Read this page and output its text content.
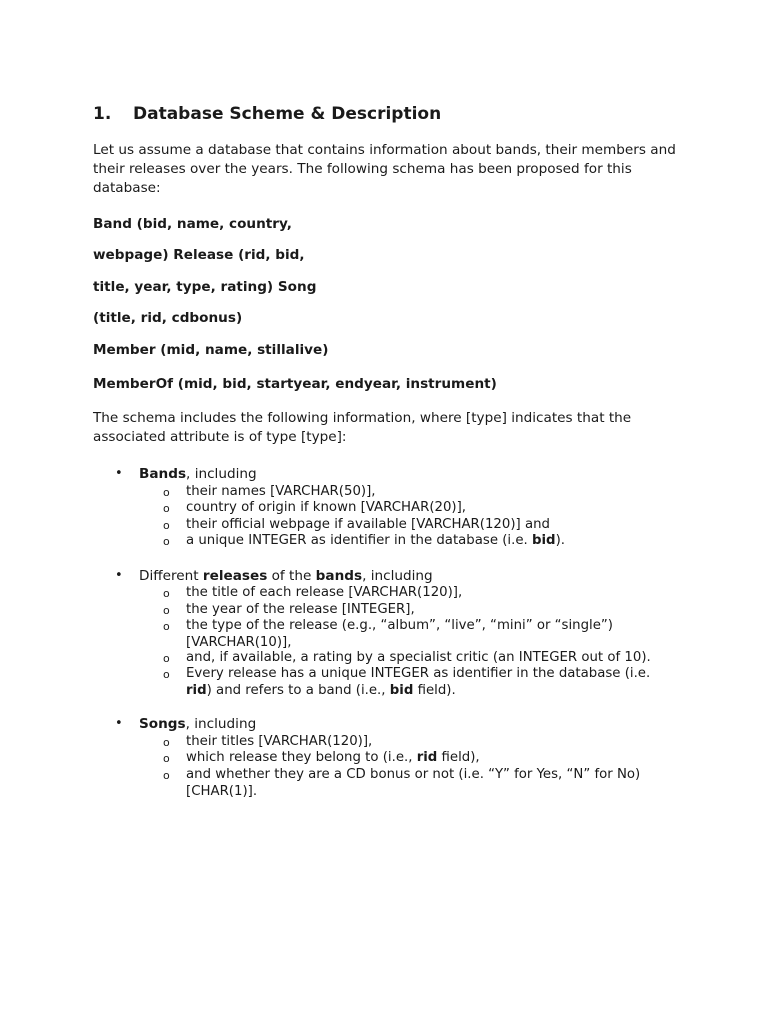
1. Database Scheme & Description

Let us assume a database that contains information about bands, their members and
their releases over the years. The following schema has been proposed for this
database:

Band (bid, name, country,
webpage) Release (rid, bid,
title, year, type, rating) Song
(title, rid, cdbonus)
Member (mid, name, stillalive)
MemberOf (mid, bid, startyear, endyear, instrument)

The schema includes the following information, where [type] indicates that the
associated attribute is of type [type]:

• Bands, including
o their names [VARCHAR(50)],
o country of origin if known [VARCHAR(20)],
o their official webpage if available [VARCHAR(120)] and
o a unique INTEGER as identifier in the database (i.e. bid).
• Different releases of the bands, including
o the title of each release [VARCHAR(120)],
o the year of the release [INTEGER],
o the type of the release (e.g., “album”, “live”, “mini” or “single”)
[VARCHAR(10)],
o and, if available, a rating by a specialist critic (an INTEGER out of 10).
o Every release has a unique INTEGER as identifier in the database (i.e.
rid) and refers to a band (i.e., bid field).
• Songs, including
o their titles [VARCHAR(120)],
o which release they belong to (i.e., rid field),
o and whether they are a CD bonus or not (i.e. “Y” for Yes, “N” for No)
[CHAR(1)].
